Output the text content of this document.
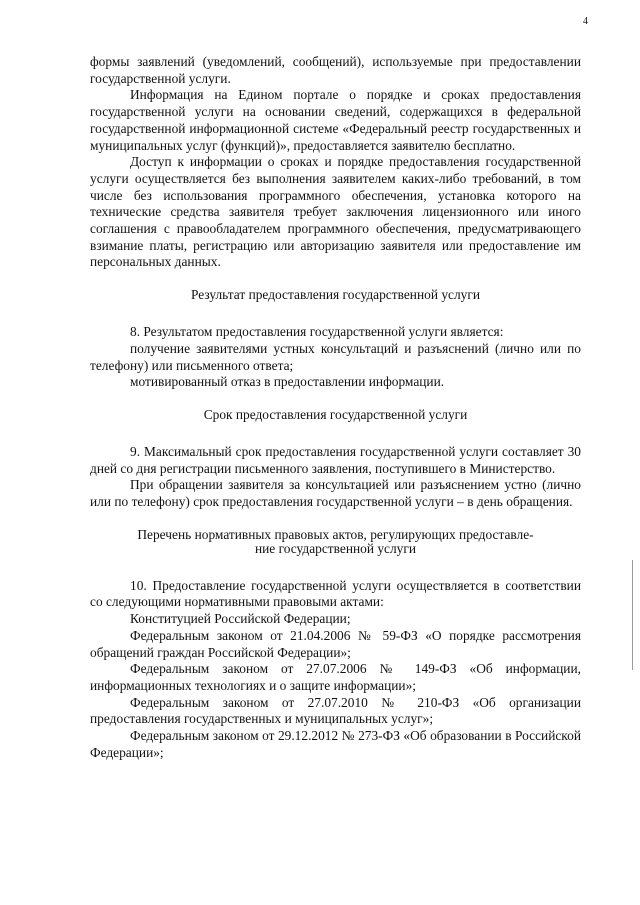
4

формы заявлений (уведомлений, сообщений), используемые при предоставлении государственной услуги.

Информация на Едином портале о порядке и сроках предоставления государственной услуги на основании сведений, содержащихся в федеральной государственной информационной системе «Федеральный реестр государственных и муниципальных услуг (функций)», предоставляется заявителю бесплатно.

Доступ к информации о сроках и порядке предоставления государственной услуги осуществляется без выполнения заявителем каких-либо требований, в том числе без использования программного обеспечения, установка которого на технические средства заявителя требует заключения лицензионного или иного соглашения с правообладателем программного обеспечения, предусматривающего взимание платы, регистрацию или авторизацию заявителя или предоставление им персональных данных.

Результат предоставления государственной услуги

8. Результатом предоставления государственной услуги является:

получение заявителями устных консультаций и разъяснений (лично или по телефону) или письменного ответа;

мотивированный отказ в предоставлении информации.

Срок предоставления государственной услуги

9. Максимальный срок предоставления государственной услуги составляет 30 дней со дня регистрации письменного заявления, поступившего в Министерство.

При обращении заявителя за консультацией или разъяснением устно (лично или по телефону) срок предоставления государственной услуги – в день обращения.

Перечень нормативных правовых актов, регулирующих предоставле-
ние государственной услуги

10. Предоставление государственной услуги осуществляется в соответствии со следующими нормативными правовыми актами:

Конституцией Российской Федерации;

Федеральным законом от 21.04.2006 № 59-ФЗ «О порядке рассмотрения обращений граждан Российской Федерации»;

Федеральным законом от 27.07.2006 № 149-ФЗ «Об информации, информационных технологиях и о защите информации»;

Федеральным законом от 27.07.2010 № 210-ФЗ «Об организации предоставления государственных и муниципальных услуг»;

Федеральным законом от 29.12.2012 № 273-ФЗ «Об образовании в Российской Федерации»;
